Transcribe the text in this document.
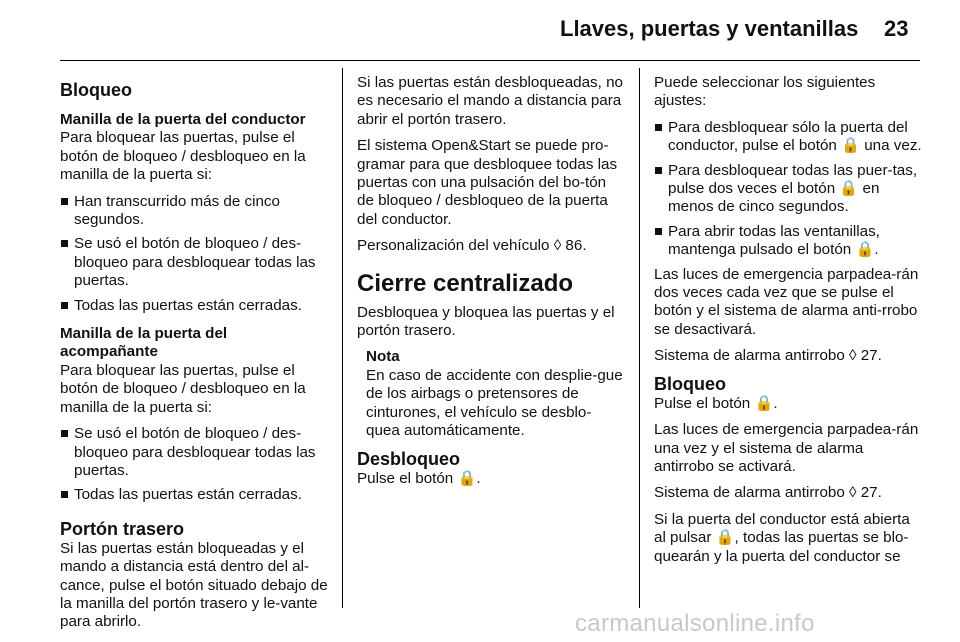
Llaves, puertas y ventanillas 23
Bloqueo
Manilla de la puerta del conductor

Para bloquear las puertas, pulse el botón de bloqueo / desbloqueo en la manilla de la puerta si:

Han transcurrido más de cinco segundos.
Se usó el botón de bloqueo / des-bloqueo para desbloquear todas las puertas.
Todas las puertas están cerradas.
Manilla de la puerta del acompañante

Para bloquear las puertas, pulse el botón de bloqueo / desbloqueo en la manilla de la puerta si:

Se usó el botón de bloqueo / des-bloqueo para desbloquear todas las puertas.
Todas las puertas están cerradas.
Portón trasero

Si las puertas están bloqueadas y el mando a distancia está dentro del al-cance, pulse el botón situado debajo de la manilla del portón trasero y le-vante para abrirlo.

Si las puertas están desbloqueadas, no es necesario el mando a distancia para abrir el portón trasero.

El sistema Open&Start se puede pro-gramar para que desbloquee todas las puertas con una pulsación del bo-tón de bloqueo / desbloqueo de la puerta del conductor.

Personalización del vehículo ◊ 86.

Cierre centralizado

Desbloquea y bloquea las puertas y el portón trasero.

Nota
En caso de accidente con desplie-gue de los airbags o pretensores de cinturones, el vehículo se desblo-quea automáticamente.
Desbloqueo

Pulse el botón 🔒.

Puede seleccionar los siguientes ajustes:

Para desbloquear sólo la puerta del conductor, pulse el botón 🔒 una vez.
Para desbloquear todas las puer-tas, pulse dos veces el botón 🔒 en menos de cinco segundos.
Para abrir todas las ventanillas, mantenga pulsado el botón 🔒.

Las luces de emergencia parpadea-rán dos veces cada vez que se pulse el botón y el sistema de alarma anti-rrobo se desactivará.

Sistema de alarma antirrobo ◊ 27.

Bloqueo

Pulse el botón 🔒.

Las luces de emergencia parpadea-rán una vez y el sistema de alarma antirrobo se activará.

Sistema de alarma antirrobo ◊ 27.

Si la puerta del conductor está abierta al pulsar 🔒, todas las puertas se blo-quearán y la puerta del conductor se

carmanualsonline.info
